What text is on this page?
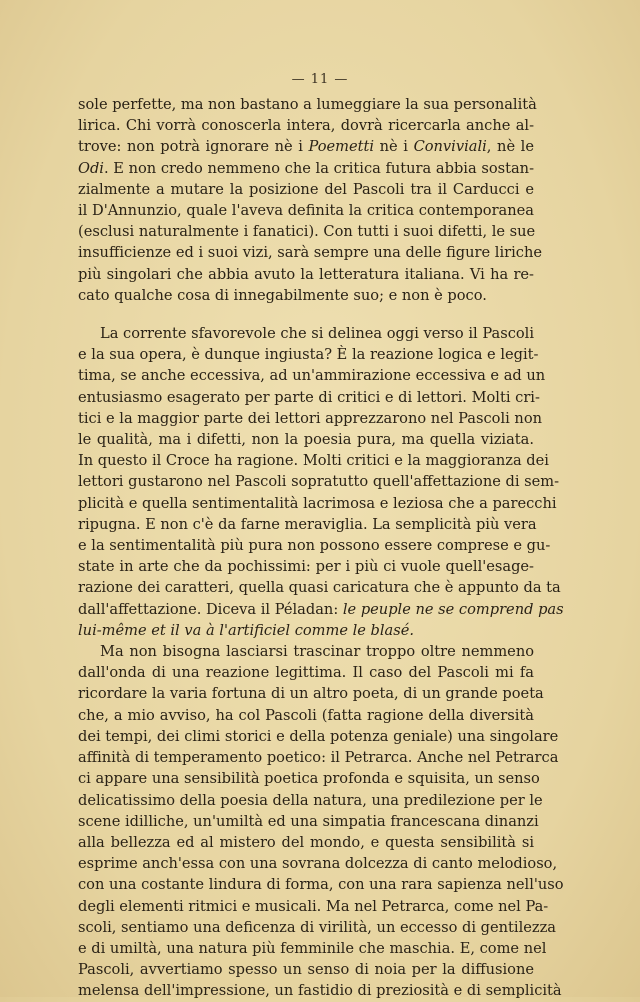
— 11 —

sole perfette, ma non bastano a lumeggiare la sua personalità
lirica. Chi vorrà conoscerla intera, dovrà ricercarla anche al-
trove: non potrà ignorare nè i Poemetti nè i Conviviali, nè le
Odi. E non credo nemmeno che la critica futura abbia sostan-
zialmente a mutare la posizione del Pascoli tra il Carducci e
il D'Annunzio, quale l'aveva definita la critica contemporanea
(esclusi naturalmente i fanatici). Con tutti i suoi difetti, le sue
insufficienze ed i suoi vizi, sarà sempre una delle figure liriche
più singolari che abbia avuto la letteratura italiana. Vi ha re-
cato qualche cosa di innegabilmente suo; e non è poco.

La corrente sfavorevole che si delinea oggi verso il Pascoli
e la sua opera, è dunque ingiusta? È la reazione logica e legit-
tima, se anche eccessiva, ad un'ammirazione eccessiva e ad un
entusiasmo esagerato per parte di critici e di lettori. Molti cri-
tici e la maggior parte dei lettori apprezzarono nel Pascoli non
le qualità, ma i difetti, non la poesia pura, ma quella viziata.
In questo il Croce ha ragione. Molti critici e la maggioranza dei
lettori gustarono nel Pascoli sopratutto quell'affettazione di sem-
plicità e quella sentimentalità lacrimosa e leziosa che a parecchi
ripugna. E non c'è da farne meraviglia. La semplicità più vera
e la sentimentalità più pura non possono essere comprese e gu-
state in arte che da pochissimi: per i più ci vuole quell'esage-
razione dei caratteri, quella quasi caricatura che è appunto da ta
dall'affettazione. Diceva il Péladan: le peuple ne se comprend pas
lui-même et il va à l'artificiel comme le blasé.

Ma non bisogna lasciarsi trascinar troppo oltre nemmeno
dall'onda di una reazione legittima. Il caso del Pascoli mi fa
ricordare la varia fortuna di un altro poeta, di un grande poeta
che, a mio avviso, ha col Pascoli (fatta ragione della diversità
dei tempi, dei climi storici e della potenza geniale) una singolare
affinità di temperamento poetico: il Petrarca. Anche nel Petrarca
ci appare una sensibilità poetica profonda e squisita, un senso
delicatissimo della poesia della natura, una predilezione per le
scene idilliche, un'umiltà ed una simpatia francescana dinanzi
alla bellezza ed al mistero del mondo, e questa sensibilità si
esprime anch'essa con una sovrana dolcezza di canto melodioso,
con una costante lindura di forma, con una rara sapienza nell'uso
degli elementi ritmici e musicali. Ma nel Petrarca, come nel Pa-
scoli, sentiamo una deficenza di virilità, un eccesso di gentilezza
e di umiltà, una natura più femminile che maschia. E, come nel
Pascoli, avvertiamo spesso un senso di noia per la diffusione
melensa dell'impressione, un fastidio di preziosità e di semplicità
